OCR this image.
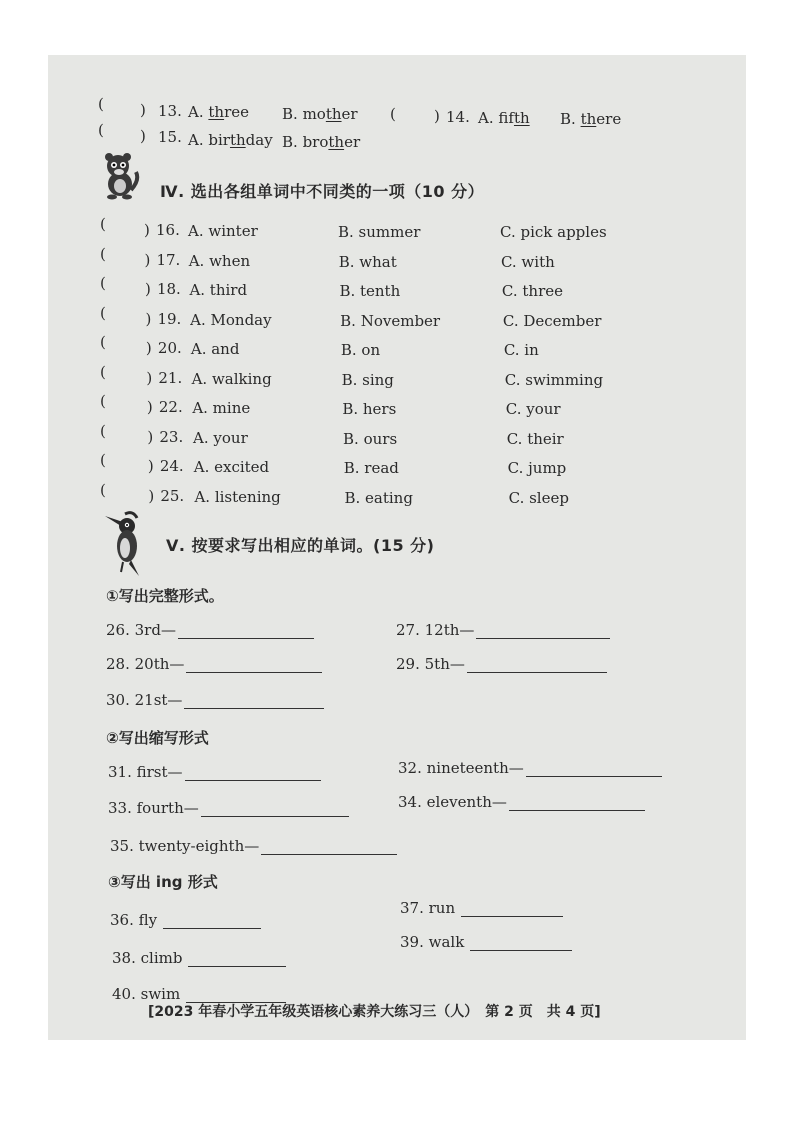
( ) 13. A. three B. mother (	) 14. A. fifth B. there
( ) 15. A. birthday B. brother
Ⅳ. 选出各组单词中不同类的一项（10 分）
(	) 16. A. winter	B. summer	C. pick apples
(	) 17. A. when	B. what	C. with
(	) 18. A. third	B. tenth	C. three
(	) 19. A. Monday	B. November	C. December
(	) 20. A. and	B. on	C. in
(	) 21. A. walking	B. sing	C. swimming
(	) 22. A. mine	B. hers	C. your
(	) 23. A. your	B. ours	C. their
(	) 24. A. excited	B. read	C. jump
(	) 25. A. listening	B. eating	C. sleep
Ⅴ. 按要求写出相应的单词。(15 分)
①写出完整形式。
26. 3rd—	27. 12th—
28. 20th—	29. 5th—
30. 21st—
②写出缩写形式
31. first—	32. nineteenth—
33. fourth—	34. eleventh—
35. twenty-eighth—
③写出 ing 形式
36. fly
37. run
38. climb
39. walk
40. swim
[2023 年春小学五年级英语核心素养大练习三（人）　第 2 页　共 4 页]
